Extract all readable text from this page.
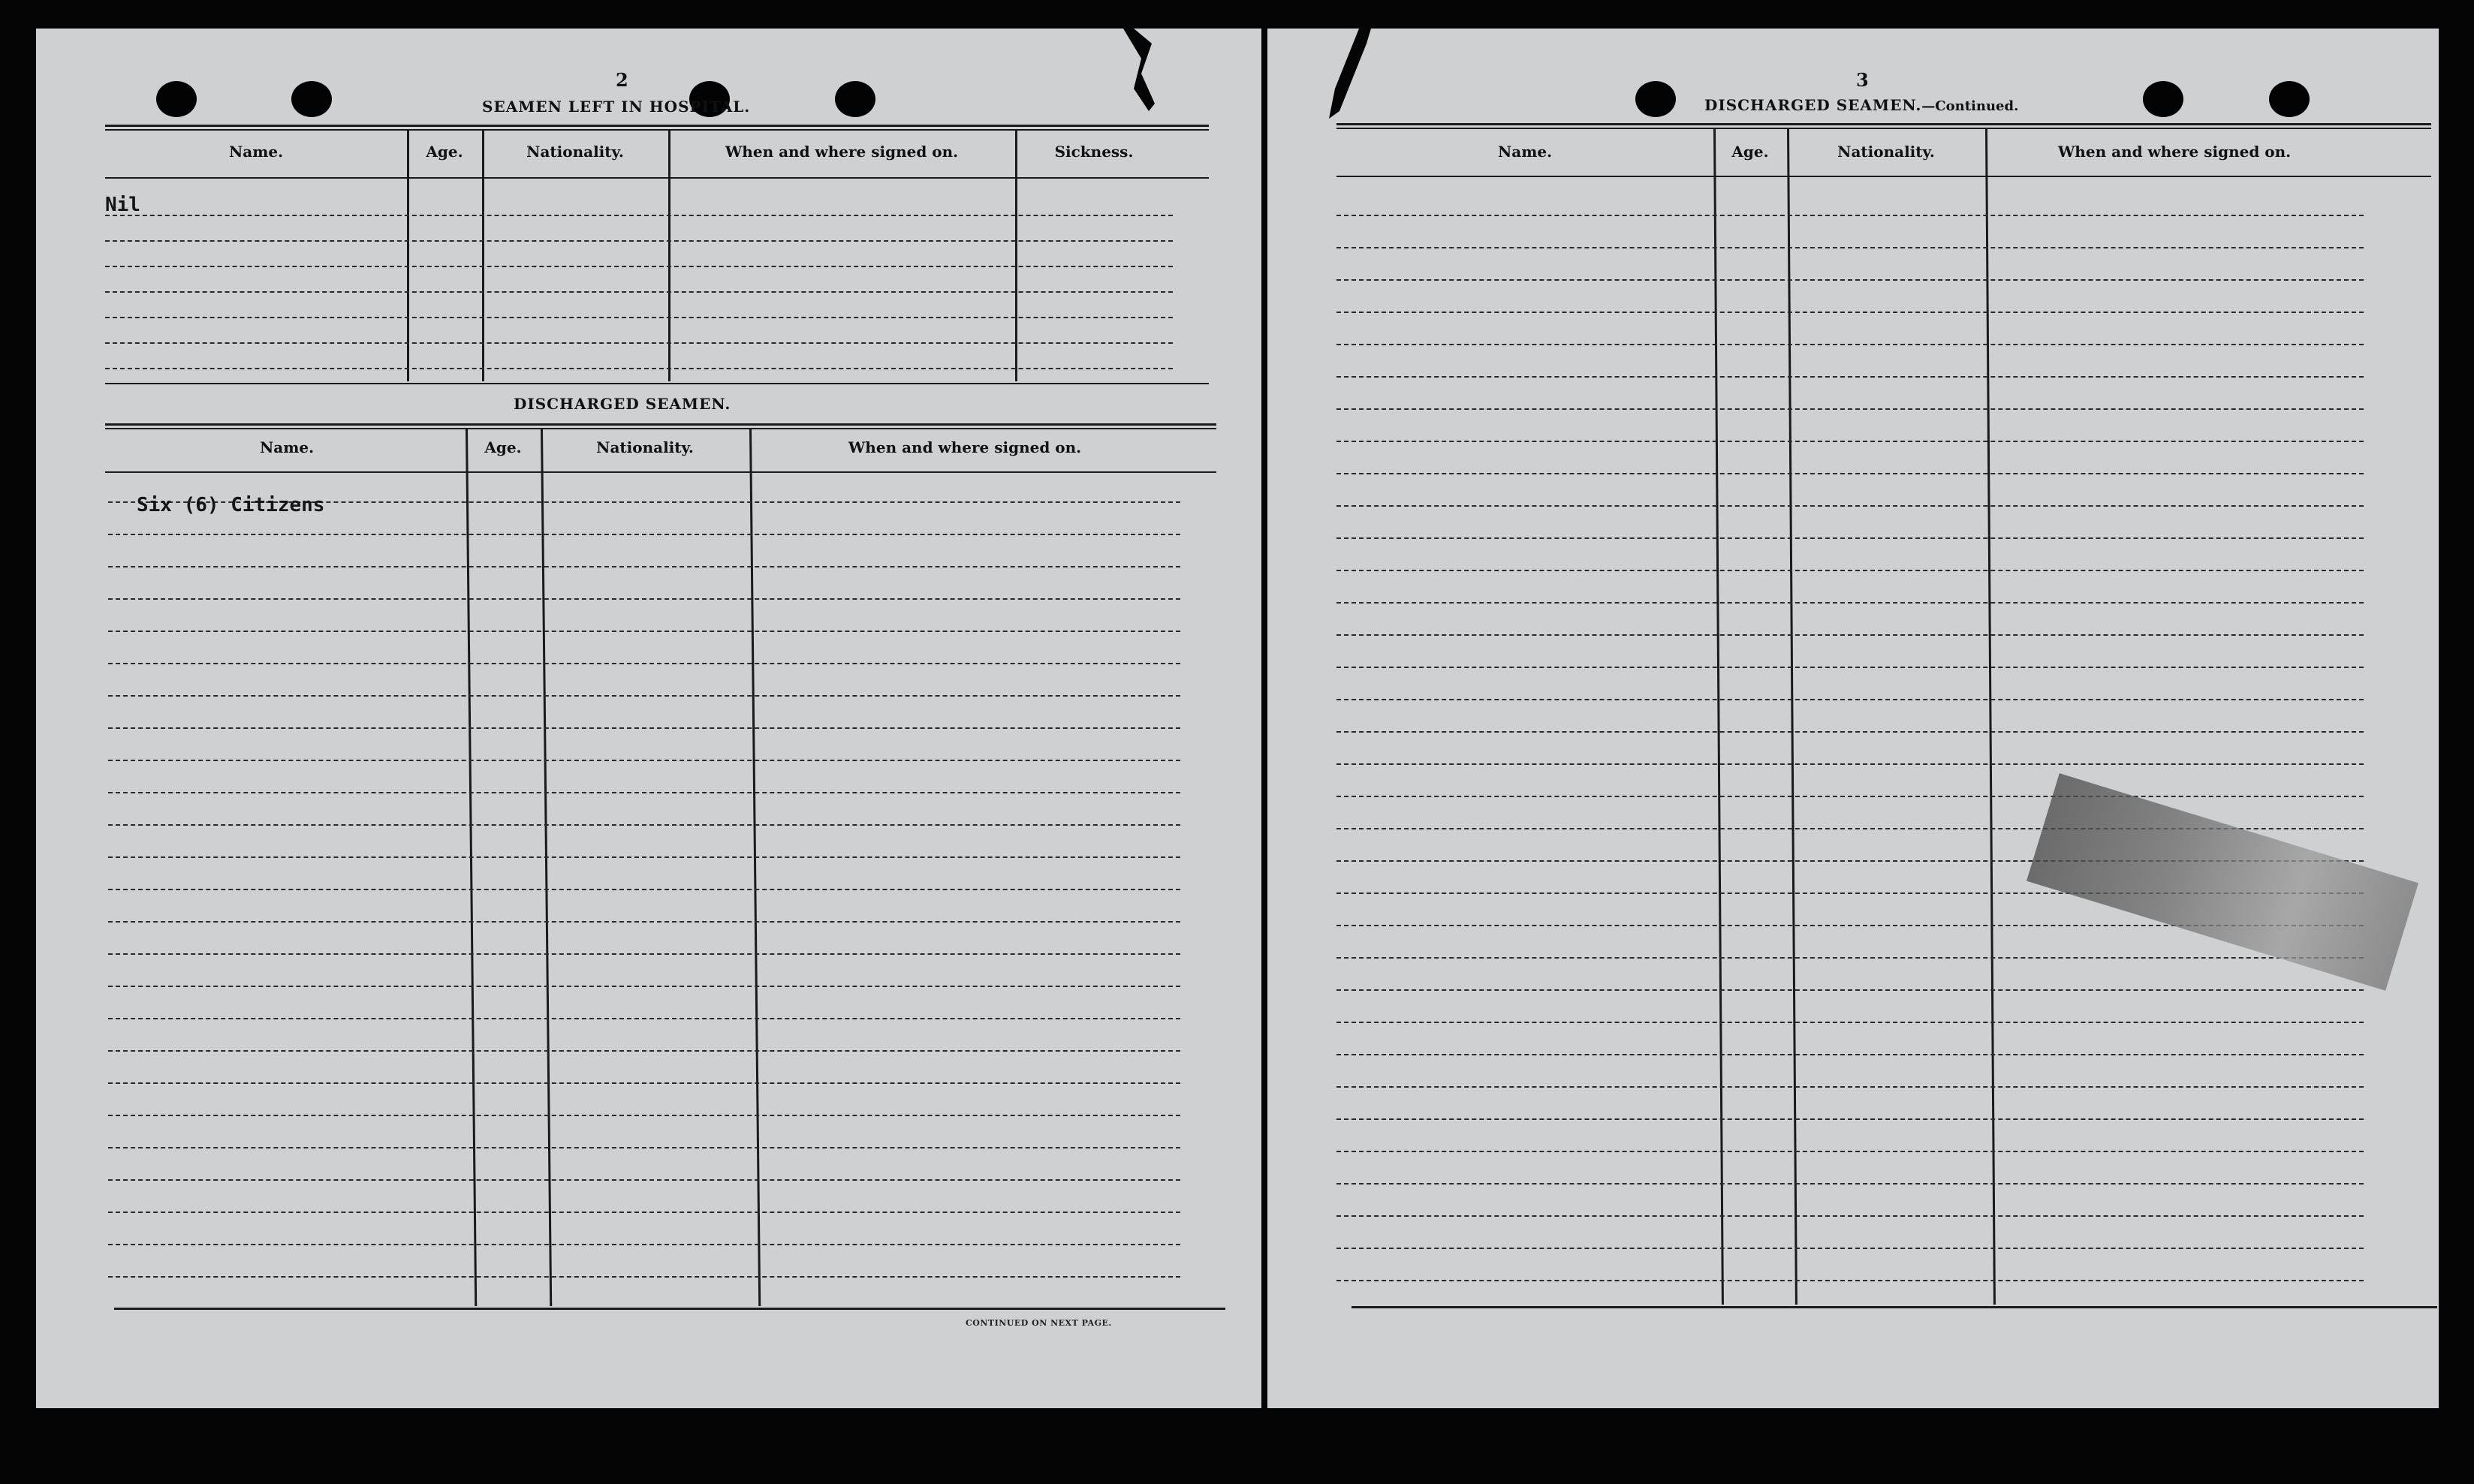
2
SEAMEN LEFT IN HOSPITAL.
Name.	Age.	Nationality.	When and where signed on.	Sickness.
Nil
DISCHARGED SEAMEN.
Name.	Age.	Nationality.	When and where signed on.
Six (6) Citizens
CONTINUED ON NEXT PAGE.
3
DISCHARGED SEAMEN.—Continued.
Name.	Age.	Nationality.	When and where signed on.
